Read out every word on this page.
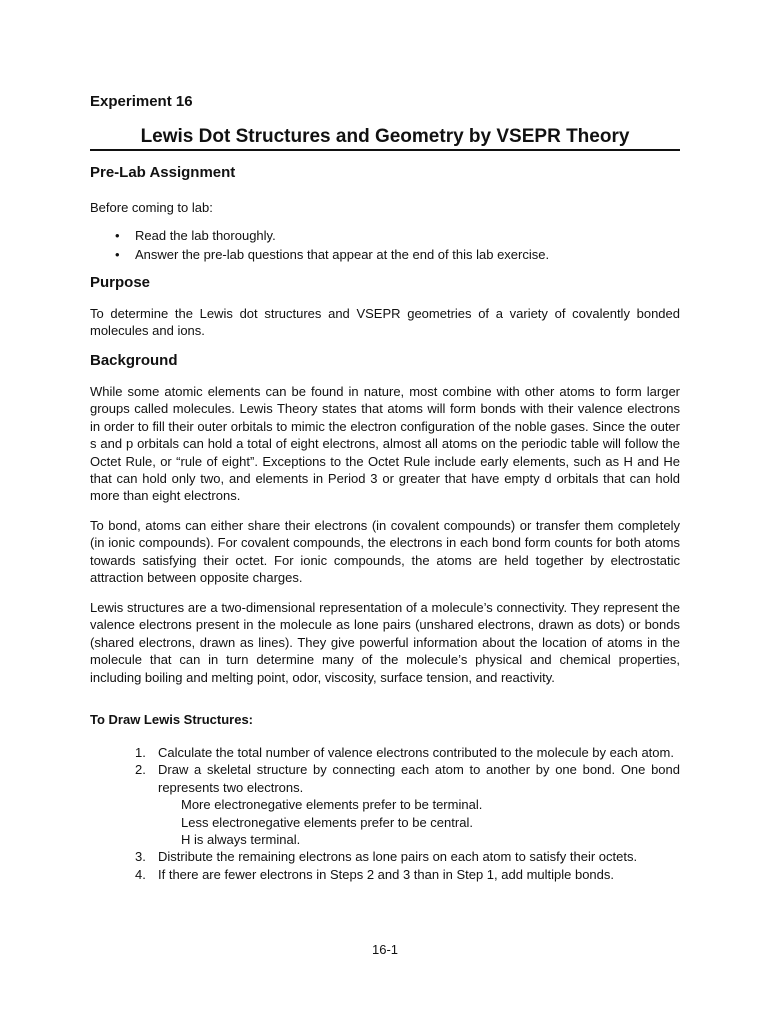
Experiment 16
Lewis Dot Structures and Geometry by VSEPR Theory
Pre-Lab Assignment
Before coming to lab:
• Read the lab thoroughly.
• Answer the pre-lab questions that appear at the end of this lab exercise.
Purpose
To determine the Lewis dot structures and VSEPR geometries of a variety of covalently bonded molecules and ions.
Background
While some atomic elements can be found in nature, most combine with other atoms to form larger groups called molecules. Lewis Theory states that atoms will form bonds with their valence electrons in order to fill their outer orbitals to mimic the electron configuration of the noble gases. Since the outer s and p orbitals can hold a total of eight electrons, almost all atoms on the periodic table will follow the Octet Rule, or “rule of eight”. Exceptions to the Octet Rule include early elements, such as H and He that can hold only two, and elements in Period 3 or greater that have empty d orbitals that can hold more than eight electrons.
To bond, atoms can either share their electrons (in covalent compounds) or transfer them completely (in ionic compounds). For covalent compounds, the electrons in each bond form counts for both atoms towards satisfying their octet. For ionic compounds, the atoms are held together by electrostatic attraction between opposite charges.
Lewis structures are a two-dimensional representation of a molecule’s connectivity. They represent the valence electrons present in the molecule as lone pairs (unshared electrons, drawn as dots) or bonds (shared electrons, drawn as lines). They give powerful information about the location of atoms in the molecule that can in turn determine many of the molecule’s physical and chemical properties, including boiling and melting point, odor, viscosity, surface tension, and reactivity.
To Draw Lewis Structures:
1. Calculate the total number of valence electrons contributed to the molecule by each atom.
2. Draw a skeletal structure by connecting each atom to another by one bond. One bond represents two electrons.
More electronegative elements prefer to be terminal.
Less electronegative elements prefer to be central.
H is always terminal.
3. Distribute the remaining electrons as lone pairs on each atom to satisfy their octets.
4. If there are fewer electrons in Steps 2 and 3 than in Step 1, add multiple bonds.
16-1
